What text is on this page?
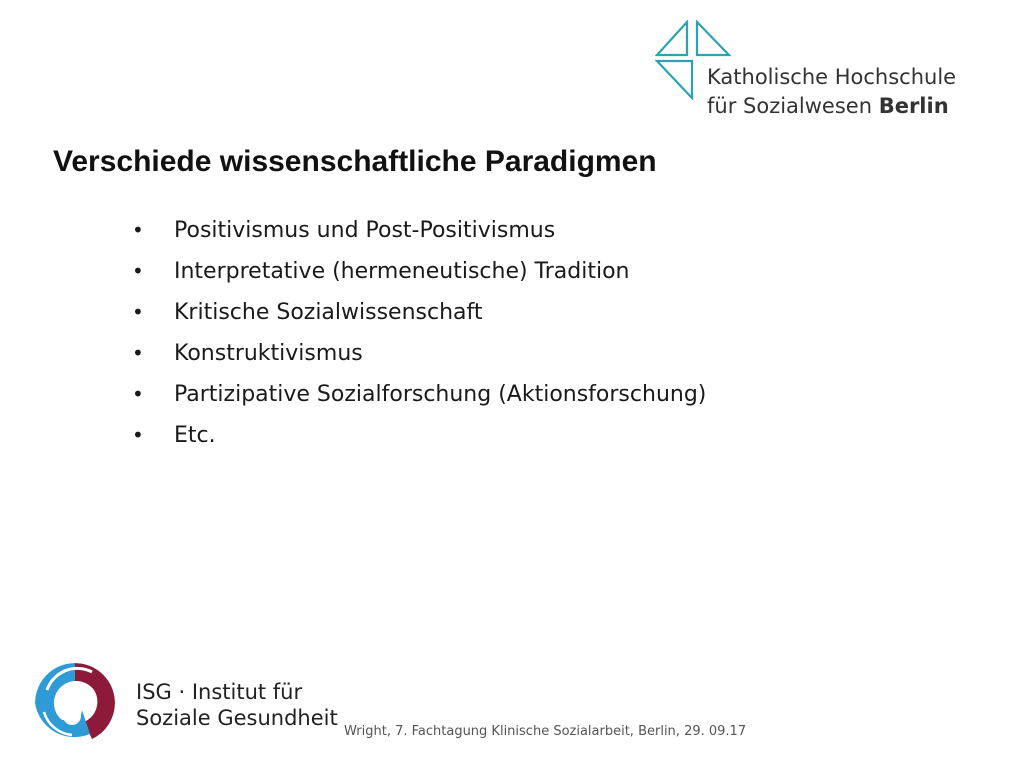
Katholische Hochschule
für Sozialwesen Berlin
Verschiede wissenschaftliche Paradigmen
•	Positivismus und Post-Positivismus
•	Interpretative (hermeneutische) Tradition
•	Kritische Sozialwissenschaft
•	Konstruktivismus
•	Partizipative Sozialforschung (Aktionsforschung)
•	Etc.
ISG · Institut für
Soziale Gesundheit
Wright, 7. Fachtagung Klinische Sozialarbeit, Berlin, 29. 09.17
